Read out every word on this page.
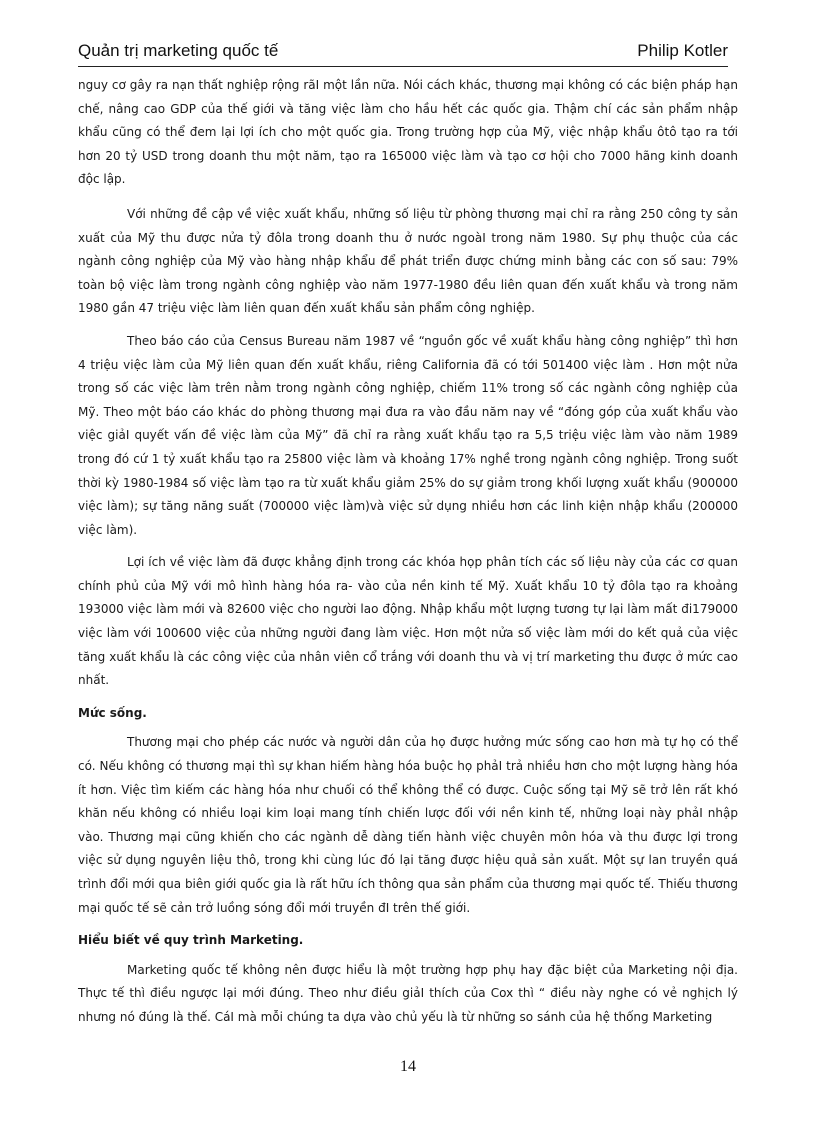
Quản trị marketing quốc tế	Philip Kotler

nguy cơ gây ra nạn thất nghiệp rộng rãI một lần nữa. Nói cách khác, thương mại không có các biện pháp hạn chế, nâng cao GDP của thế giới và tăng việc làm cho hầu hết các quốc gia. Thậm chí các sản phẩm nhập khẩu cũng có thể đem lại lợi ích cho một quốc gia. Trong trường hợp của Mỹ, việc nhập khẩu ôtô tạo ra tới hơn 20 tỷ USD trong doanh thu một năm, tạo ra 165000 việc làm và tạo cơ hội cho 7000 hãng kinh doanh độc lập.

Với những đề cập về việc xuất khẩu, những số liệu từ phòng thương mại chỉ ra rằng 250 công ty sản xuất của Mỹ thu được nửa tỷ đôla trong doanh thu ở nước ngoàI trong năm 1980. Sự phụ thuộc của các ngành công nghiệp của Mỹ vào hàng nhập khẩu để phát triển được chứng minh bằng các con số sau: 79% toàn bộ việc làm trong ngành công nghiệp vào năm 1977-1980 đều liên quan đến xuất khẩu và trong năm 1980 gần 47 triệu việc làm liên quan đến xuất khẩu sản phẩm công nghiệp.

Theo báo cáo của Census Bureau năm 1987 về “nguồn gốc về xuất khẩu hàng công nghiệp” thì hơn 4 triệu việc làm của Mỹ liên quan đến xuất khẩu, riêng California đã có tới 501400 việc làm . Hơn một nửa trong số các việc làm trên nằm trong ngành công nghiệp, chiếm 11% trong số các ngành công nghiệp của Mỹ. Theo một báo cáo khác do phòng thương mại đưa ra vào đầu năm nay về “đóng góp của xuất khẩu vào việc giảI quyết vấn đề việc làm của Mỹ” đã chỉ ra rằng xuất khẩu tạo ra 5,5 triệu việc làm vào năm 1989 trong đó cứ 1 tỷ xuất khẩu tạo ra 25800 việc làm và khoảng 17% nghề trong ngành công nghiệp. Trong suốt thời kỳ 1980-1984 số việc làm tạo ra từ xuất khẩu giảm 25% do sự giảm trong khối lượng xuất khẩu (900000 việc làm); sự tăng năng suất (700000 việc làm)và việc sử dụng nhiều hơn các linh kiện nhập khẩu (200000 việc làm).

Lợi ích về việc làm đã được khẳng định trong các khóa họp phân tích các số liệu này của các cơ quan chính phủ của Mỹ với mô hình hàng hóa ra- vào của nền kinh tế Mỹ. Xuất khẩu 10 tỷ đôla tạo ra khoảng 193000 việc làm mới và 82600 việc cho người lao động. Nhập khẩu một lượng tương tự lại làm mất đi179000 việc làm với 100600 việc của những người đang làm việc. Hơn một nửa số việc làm mới do kết quả của việc tăng xuất khẩu là các công việc của nhân viên cổ trắng với doanh thu và vị trí marketing thu được ở mức cao nhất.

Mức sống.

Thương mại cho phép các nước và người dân của họ được hưởng mức sống cao hơn mà tự họ có thể có. Nếu không có thương mại thì sự khan hiếm hàng hóa buộc họ phảI trả nhiều hơn cho một lượng hàng hóa ít hơn. Việc tìm kiếm các hàng hóa như chuối có thể không thể có được. Cuộc sống tại Mỹ sẽ trở lên rất khó khăn nếu không có nhiều loại kim loại mang tính chiến lược đối với nền kinh tế, những loại này phảI nhập vào. Thương mại cũng khiến cho các ngành dễ dàng tiến hành việc chuyên môn hóa và thu được lợi trong việc sử dụng nguyên liệu thô, trong khi cùng lúc đó lại tăng được hiệu quả sản xuất. Một sự lan truyền quá trình đổi mới qua biên giới quốc gia là rất hữu ích thông qua sản phẩm của thương mại quốc tế. Thiếu thương mại quốc tế sẽ cản trở luồng sóng đổi mới truyền đI trên thế giới.

Hiểu biết về quy trình Marketing.

Marketing quốc tế không nên được hiểu là một trường hợp phụ hay đặc biệt của Marketing nội địa. Thực tế thì điều ngược lại mới đúng. Theo như điều giảI thích của Cox thì “ điều này nghe có vẻ nghịch lý nhưng nó đúng là thế. CáI mà mỗi chúng ta dựa vào chủ yếu là từ những so sánh của hệ thống Marketing

14
